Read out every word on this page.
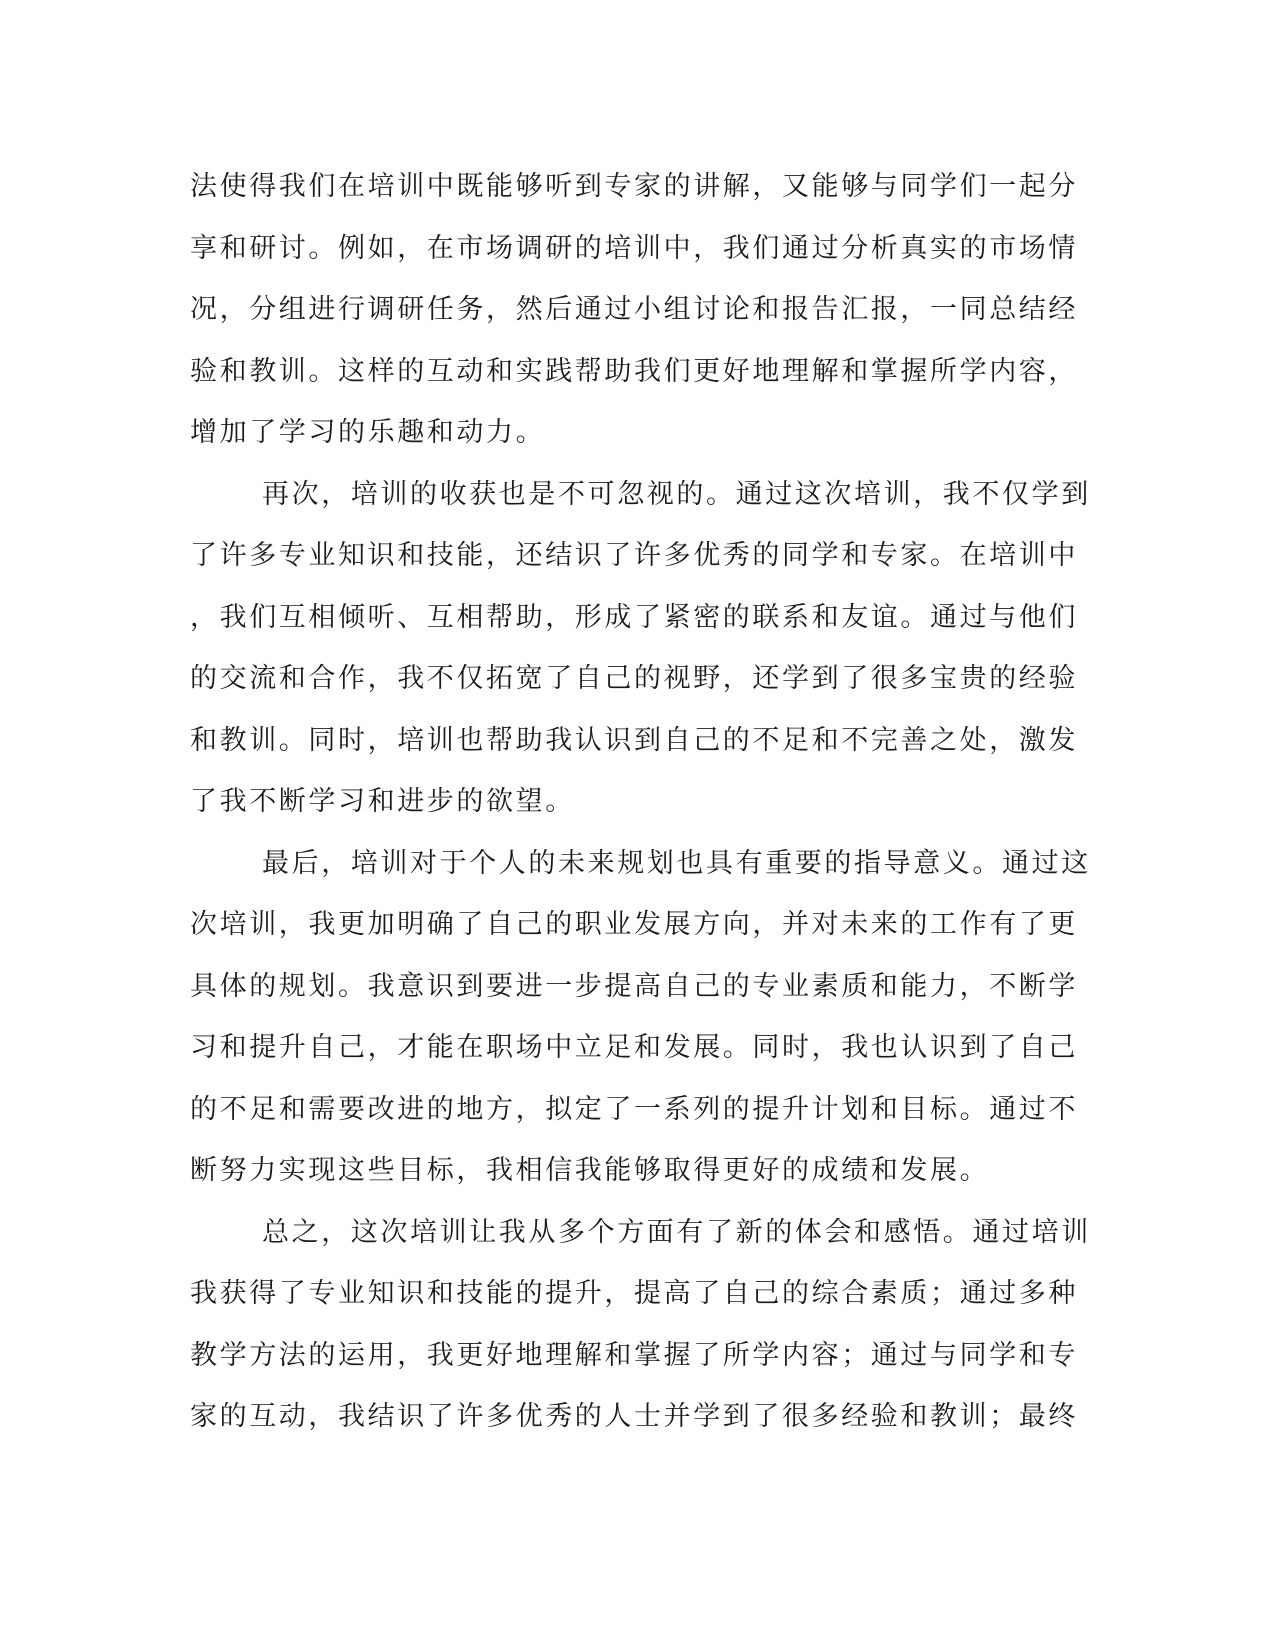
法使得我们在培训中既能够听到专家的讲解，又能够与同学们一起分
享和研讨。例如，在市场调研的培训中，我们通过分析真实的市场情
况，分组进行调研任务，然后通过小组讨论和报告汇报，一同总结经
验和教训。这样的互动和实践帮助我们更好地理解和掌握所学内容，
增加了学习的乐趣和动力。
再次，培训的收获也是不可忽视的。通过这次培训，我不仅学到
了许多专业知识和技能，还结识了许多优秀的同学和专家。在培训中
，我们互相倾听、互相帮助，形成了紧密的联系和友谊。通过与他们
的交流和合作，我不仅拓宽了自己的视野，还学到了很多宝贵的经验
和教训。同时，培训也帮助我认识到自己的不足和不完善之处，激发
了我不断学习和进步的欲望。
最后，培训对于个人的未来规划也具有重要的指导意义。通过这
次培训，我更加明确了自己的职业发展方向，并对未来的工作有了更
具体的规划。我意识到要进一步提高自己的专业素质和能力，不断学
习和提升自己，才能在职场中立足和发展。同时，我也认识到了自己
的不足和需要改进的地方，拟定了一系列的提升计划和目标。通过不
断努力实现这些目标，我相信我能够取得更好的成绩和发展。
总之，这次培训让我从多个方面有了新的体会和感悟。通过培训
我获得了专业知识和技能的提升，提高了自己的综合素质；通过多种
教学方法的运用，我更好地理解和掌握了所学内容；通过与同学和专
家的互动，我结识了许多优秀的人士并学到了很多经验和教训；最终
